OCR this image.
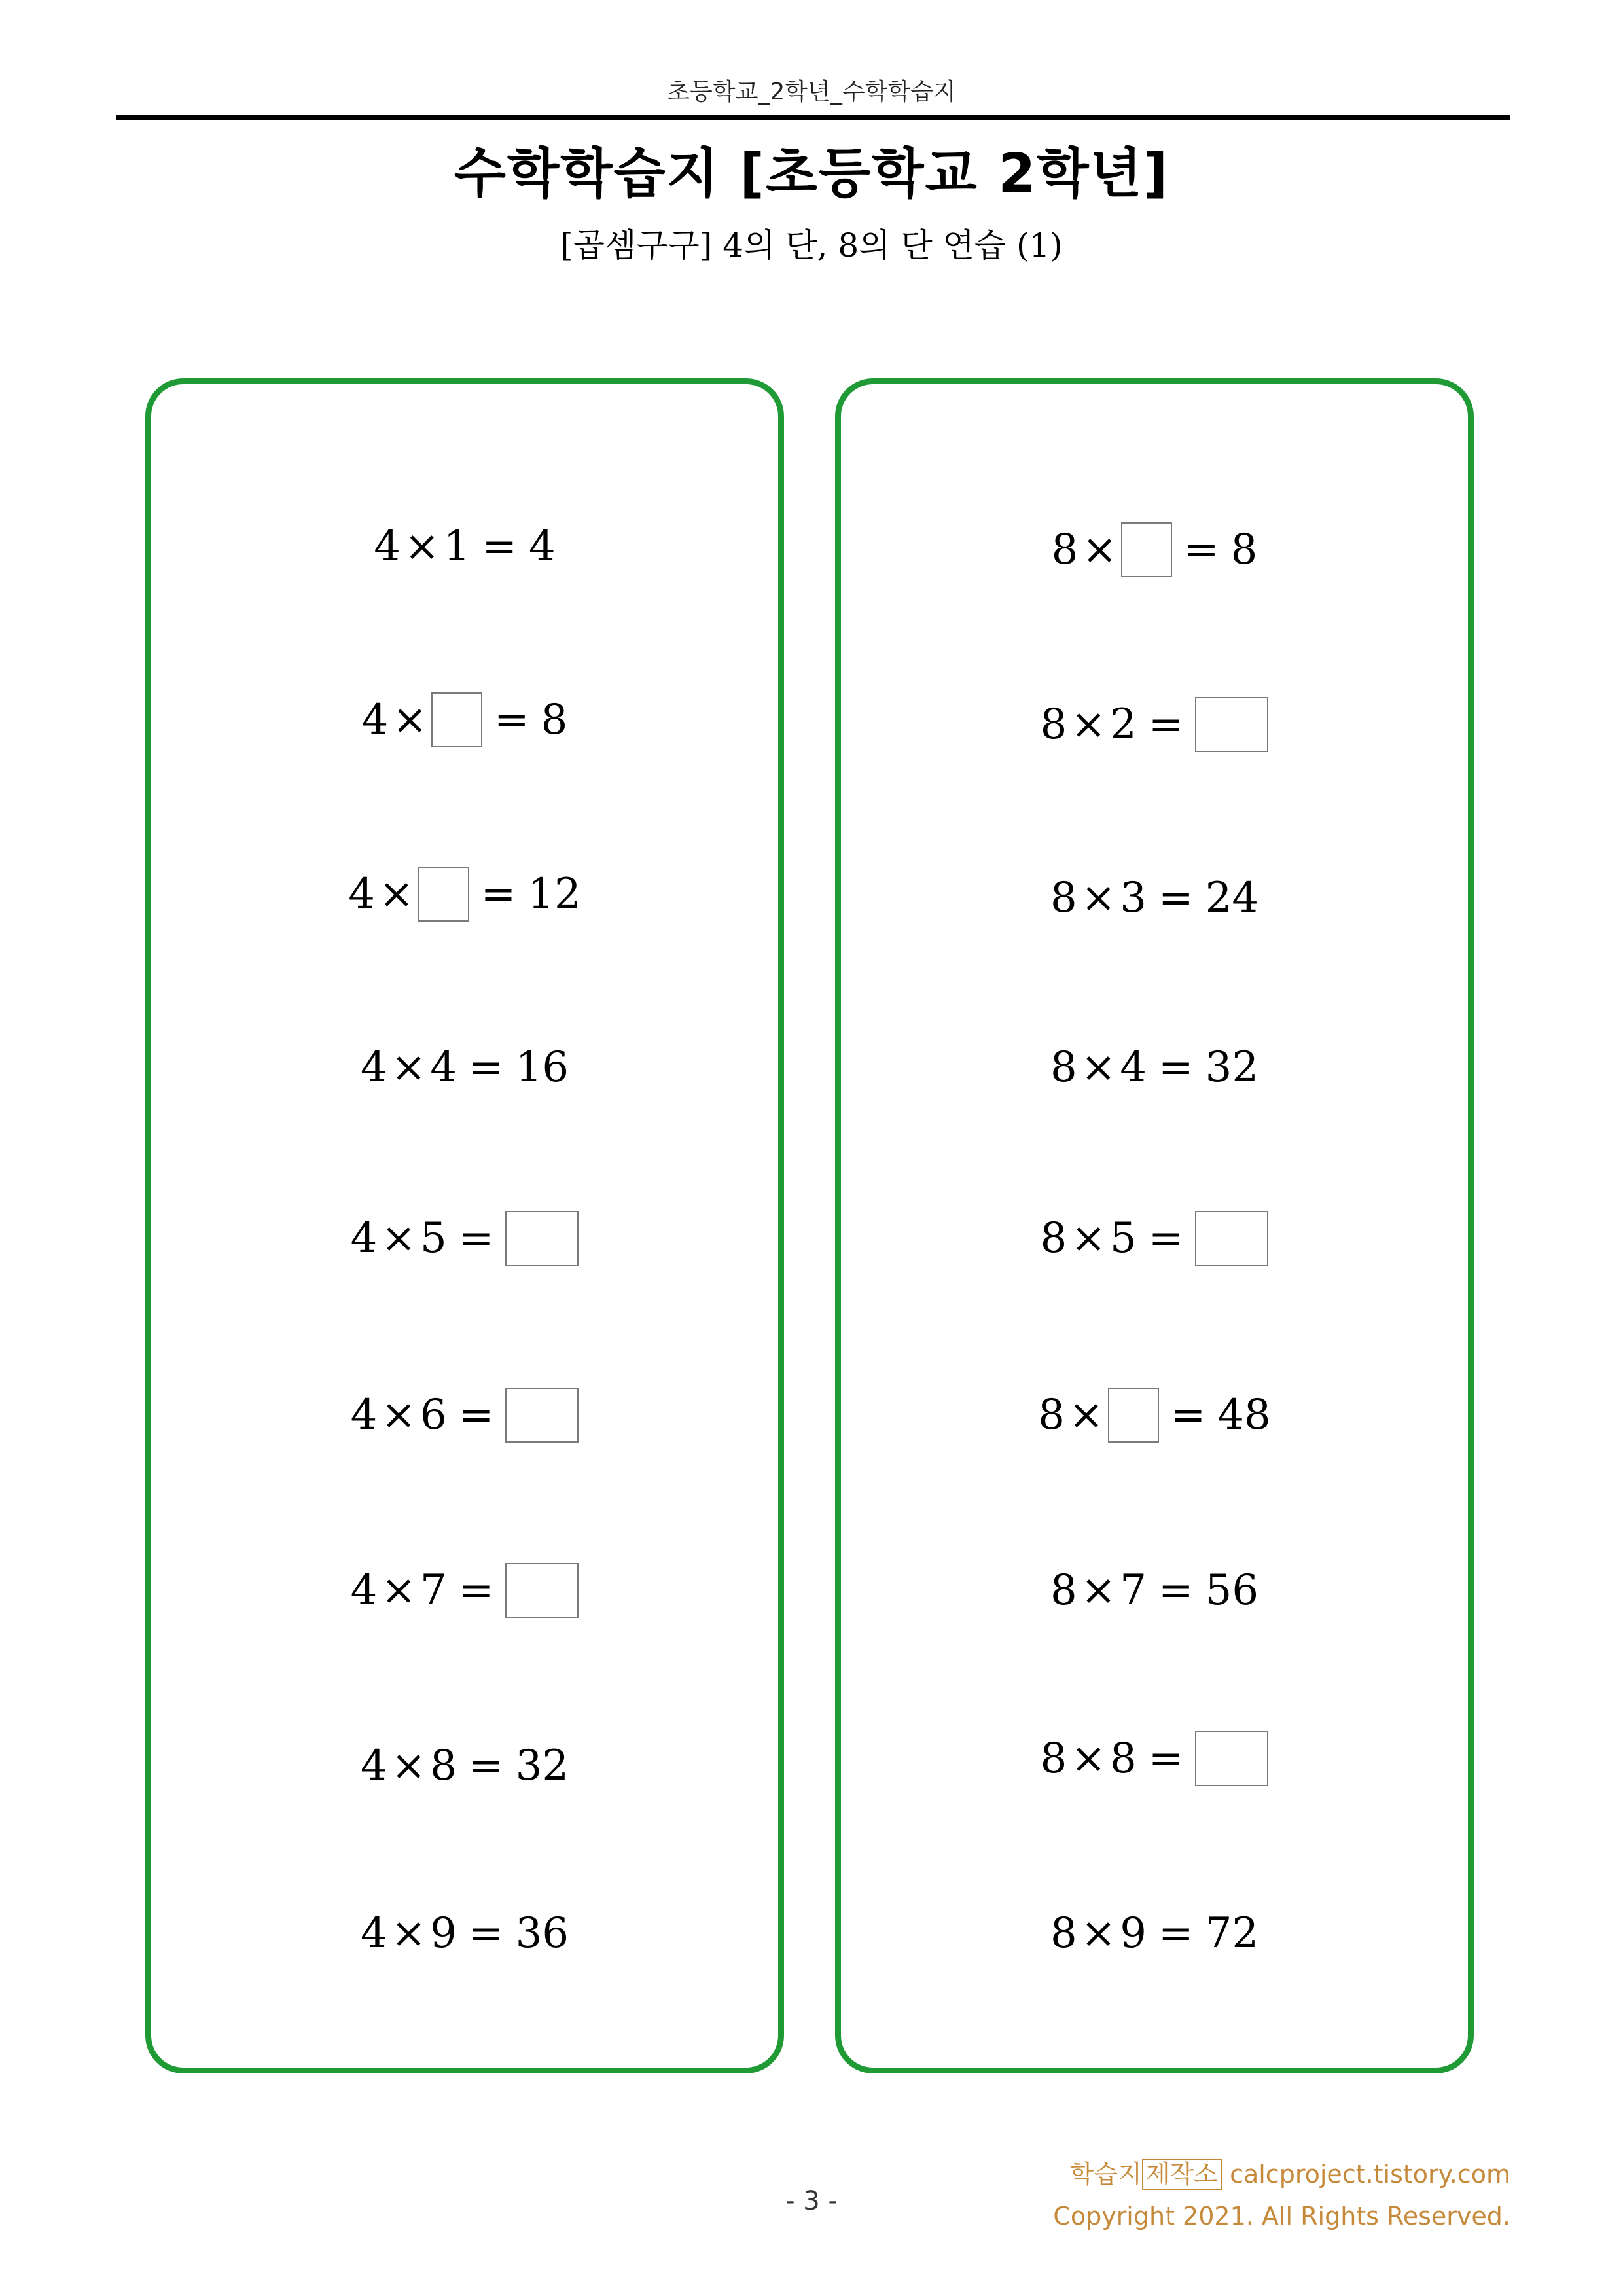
초등학교_2학년_수학학습지
수학학습지 [초등학교 2학년]
[곱셈구구] 4의 단, 8의 단 연습 (1)
4 × 1 = 4
4 × = 8
4 × = 12
4 × 4 = 16
4 × 5 =
4 × 6 =
4 × 7 =
4 × 8 = 32
4 × 9 = 36
8 × = 8
8 × 2 =
8 × 3 = 24
8 × 4 = 32
8 × 5 =
8 × = 48
8 × 7 = 56
8 × 8 =
8 × 9 = 72
- 3 -
학습지 제작소 calcproject.tistory.com
Copyright 2021. All Rights Reserved.
